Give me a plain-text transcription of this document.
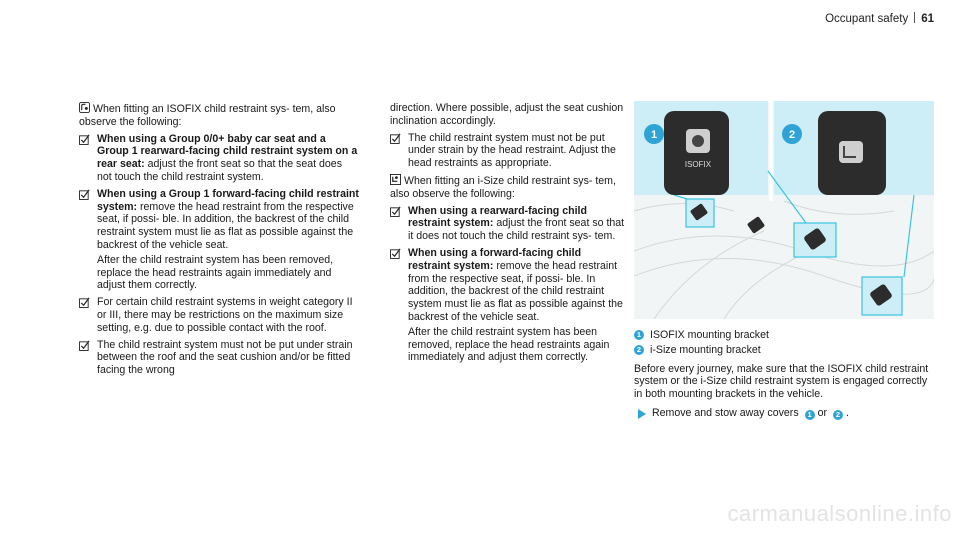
Occupant safety 61

When fitting an ISOFIX child restraint sys- tem, also observe the following:

When using a Group 0/0+ baby car seat and a Group 1 rearward-facing child restraint system on a rear seat: adjust the front seat so that the seat does not touch the child restraint system.
When using a Group 1 forward-facing child restraint system: remove the head restraint from the respective seat, if possi- ble. In addition, the backrest of the child restraint system must lie as flat as possible against the backrest of the vehicle seat.
After the child restraint system has been removed, replace the head restraints again immediately and adjust them correctly.
For certain child restraint systems in weight category II or III, there may be restrictions on the maximum size setting, e.g. due to possible contact with the roof.
The child restraint system must not be put under strain between the roof and the seat cushion and/or be fitted facing the wrong

direction. Where possible, adjust the seat cushion inclination accordingly.

The child restraint system must not be put under strain by the head restraint. Adjust the head restraints as appropriate.

When fitting an i-Size child restraint sys- tem, also observe the following:

When using a rearward-facing child restraint system: adjust the front seat so that it does not touch the child restraint sys- tem.
When using a forward-facing child restraint system: remove the head restraint from the respective seat, if possi- ble. In addition, the backrest of the child restraint system must lie as flat as possible against the backrest of the vehicle seat.
After the child restraint system has been removed, replace the head restraints again immediately and adjust them correctly.
ISOFIX
1	2
1 ISOFIX mounting bracket
2 i-Size mounting bracket

Before every journey, make sure that the ISOFIX child restraint system or the i-Size child restraint system is engaged correctly in both mounting brackets in the vehicle.

Remove and stow away covers 1 or 2 .
carmanualsonline.info
